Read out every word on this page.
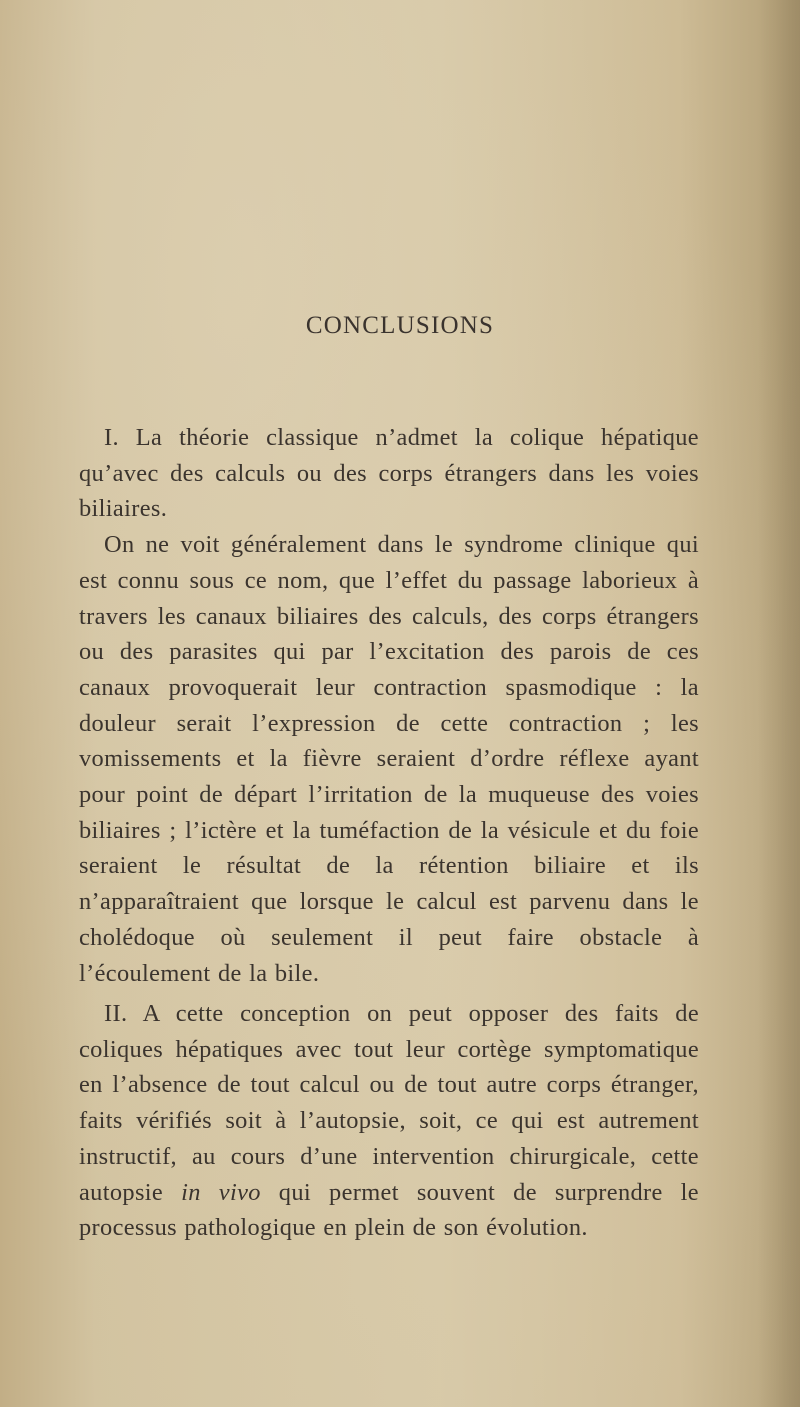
CONCLUSIONS

I. La théorie classique n’admet la colique hépatique qu’avec des calculs ou des corps étrangers dans les voies biliaires.

On ne voit généralement dans le syndrome clinique qui est connu sous ce nom, que l’effet du passage laborieux à travers les canaux biliaires des calculs, des corps étrangers ou des parasites qui par l’excitation des parois de ces canaux provoquerait leur contraction spasmodique : la douleur serait l’expression de cette contraction ; les vomissements et la fièvre seraient d’ordre réflexe ayant pour point de départ l’irritation de la muqueuse des voies biliaires ; l’ictère et la tuméfaction de la vésicule et du foie seraient le résultat de la rétention biliaire et ils n’apparaîtraient que lorsque le calcul est parvenu dans le cholédoque où seulement il peut faire obstacle à l’écoulement de la bile.

II. A cette conception on peut opposer des faits de coliques hépatiques avec tout leur cortège symptomatique en l’absence de tout calcul ou de tout autre corps étranger, faits vérifiés soit à l’autopsie, soit, ce qui est autrement instructif, au cours d’une intervention chirurgicale, cette autopsie in vivo qui permet souvent de surprendre le processus pathologique en plein de son évolution.
